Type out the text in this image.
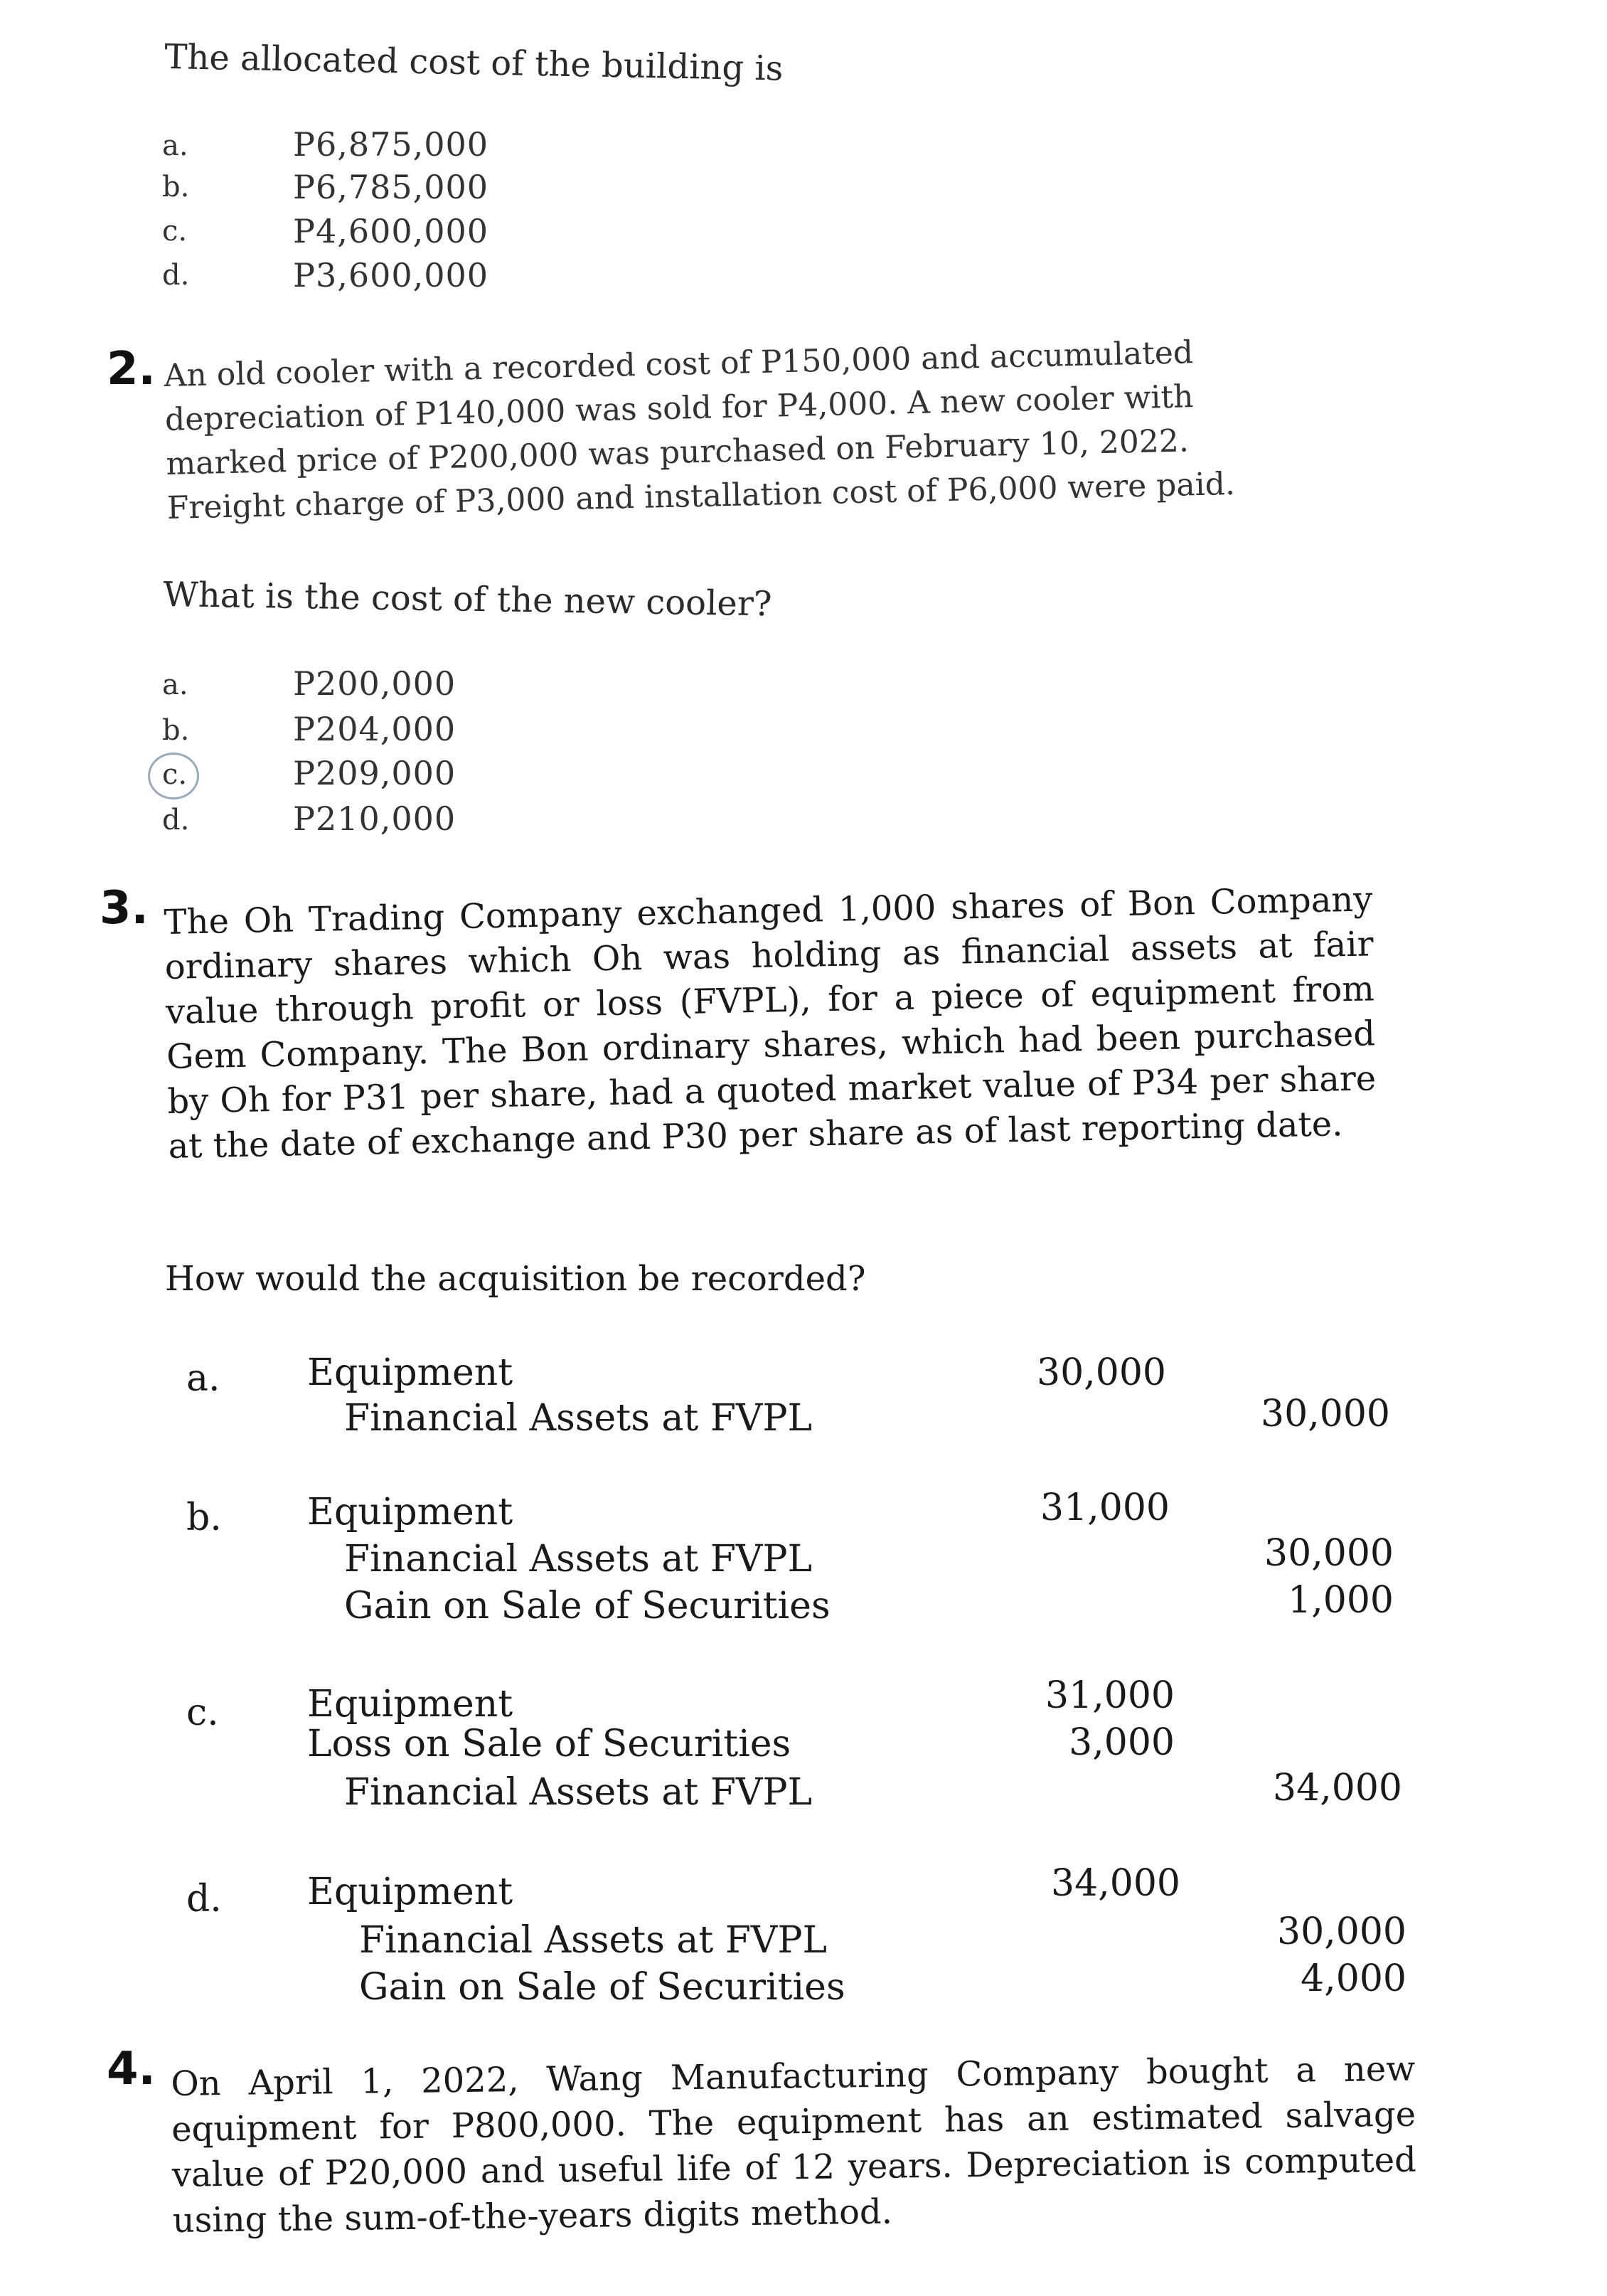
The allocated cost of the building is
a.	P6,875,000
b.	P6,785,000
c.	P4,600,000
d.	P3,600,000
2. An old cooler with a recorded cost of P150,000 and accumulated
depreciation of P140,000 was sold for P4,000. A new cooler with
marked price of P200,000 was purchased on February 10, 2022.
Freight charge of P3,000 and installation cost of P6,000 were paid.
What is the cost of the new cooler?
a.	P200,000
b.	P204,000
c.	P209,000
d.	P210,000
3. The Oh Trading Company exchanged 1,000 shares of Bon Company ordinary shares which Oh was holding as financial assets at fair value through profit or loss (FVPL), for a piece of equipment from Gem Company. The Bon ordinary shares, which had been purchased by Oh for P31 per share, had a quoted market value of P34 per share at the date of exchange and P30 per share as of last reporting date.
How would the acquisition be recorded?
a. Equipment	30,000
Financial Assets at FVPL	30,000
b. Equipment	31,000
Financial Assets at FVPL	30,000
Gain on Sale of Securities	1,000
c. Equipment	31,000
Loss on Sale of Securities	3,000
Financial Assets at FVPL	34,000
d. Equipment	34,000
Financial Assets at FVPL	30,000
Gain on Sale of Securities	4,000
4. On April 1, 2022, Wang Manufacturing Company bought a new equipment for P800,000. The equipment has an estimated salvage value of P20,000 and useful life of 12 years. Depreciation is computed using the sum-of-the-years digits method.
